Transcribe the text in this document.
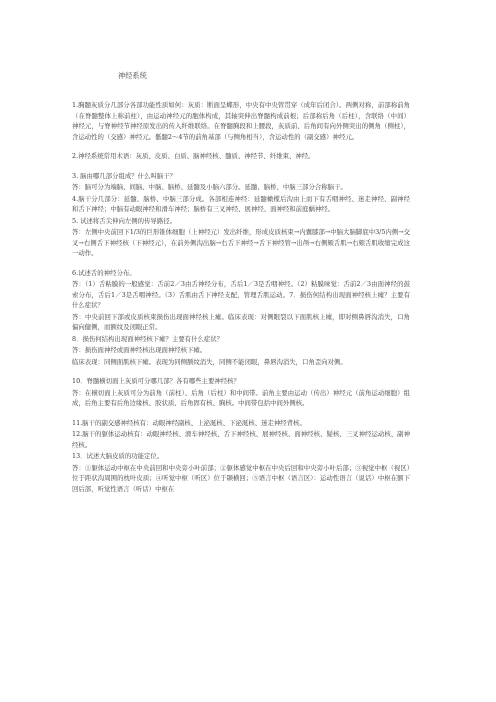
神经系统

1.胸髓灰质分几部分各部功能性质如何：灰质：断面呈蝶形，中央有中央管贯穿（成年后闭合）。两侧对称，前部称前角（在脊髓整体上称前柱），由运动神经元的胞体构成，其轴突伸出脊髓构成前根；后部称后角（后柱），含联络（中间）神经元，与脊神经节神经原发出的传入纤维联络。在脊髓胸段和上腰段，灰质前、后角间有向外侧突出的侧角（侧柱），含运动性的（交感）神经元。骶髓2～4节的前角基部（与侧角相当），含运动性的（副交感）神经元。

2.神经系统常用术语：灰质、皮质、白质、脑神经核、髓质、神经节、纤维束、神经。

3. 脑由哪几部分组成？什么叫脑干？

答：脑可分为端脑、间脑、中脑、脑桥、延髓及小脑六部分。延髓、脑桥、中脑三部分合称脑干。

4.脑干分几部分：延髓、脑桥、中脑三部分成。各部相连神经：延髓橄榄后沟由上而下有舌咽神经、迷走神经、副神经和舌下神经；中脑有动眼神经和滑车神经；脑桥有三叉神经、展神经、面神经和前庭蜗神经。

5. 试述将舌尖伸向左侧的传导路径。

答：左侧中央前回下1/3的巨形锥体细胞（上神经元）发出纤维，形成皮质核束→内囊膝部→中脑大脑脚底中3/5内侧→交叉→右侧舌下神经核（下神经元），在前外侧沟出脑→右舌下神经→舌下神经管→出颅→右侧颏舌肌→右颏舌肌收缩完成这一动作。

6.试述舌的神经分布。

答：（1）舌粘膜的一般感觉：舌前2／3由舌神经分布，舌后1／3是舌咽神经。（2）粘膜味觉：舌前2／3由面神经的鼓索分布，舌后1／3是舌咽神经。（3）舌肌由舌下神经支配，管理舌肌运动。7．损伤何结构出现面神经核上瘫？主要有什么症状？

答：中央前回下部或皮质核束损伤出现面神经核上瘫。临床表现：对侧眼裂以下面肌核上瘫，即对侧鼻唇沟消失，口角偏向健侧，而额纹及闭眼正常。

8．损伤何结构出现面神经核下瘫？主要有什么症状？

答：损伤面神经或面神经核出现面神经核下瘫。

临床表现：同侧面肌核下瘫。表现为同侧额纹消失，同侧不能闭眼，鼻唇沟消失，口角歪向对侧。

10．脊髓横切面上灰质可分哪几部？各有哪些主要神经核？

答：在横切面上灰质可分为前角（前柱）、后角（后柱）和中间带。前角主要由运动（传出）神经元（前角运动细胞）组成，后角主要有后角边缘核、胶状质、后角固有核、胸核。中间带包括中间外侧核。

11.脑干的副交感神经核有：动眼神经副核、上泌涎核、下泌涎核、迷走神经背核。

12.脑干的躯体运动核有：动眼神经核、滑车神经核、舌下神经核、展神经核、面神经核、疑核、三叉神经运动核、副神经核。

13．试述大脑皮质的功能定位。

答：①躯体运动中枢在中央前回和中央旁小叶前部；②躯体感觉中枢在中央后回和中央旁小叶后部；③视觉中枢（视区）位于距状沟周围的枕叶皮质；④听觉中枢（听区）位于颞横回；⑤语言中枢（语言区）：运动性语言（说话）中枢在额下回后部，听觉性语言（听话）中枢在
